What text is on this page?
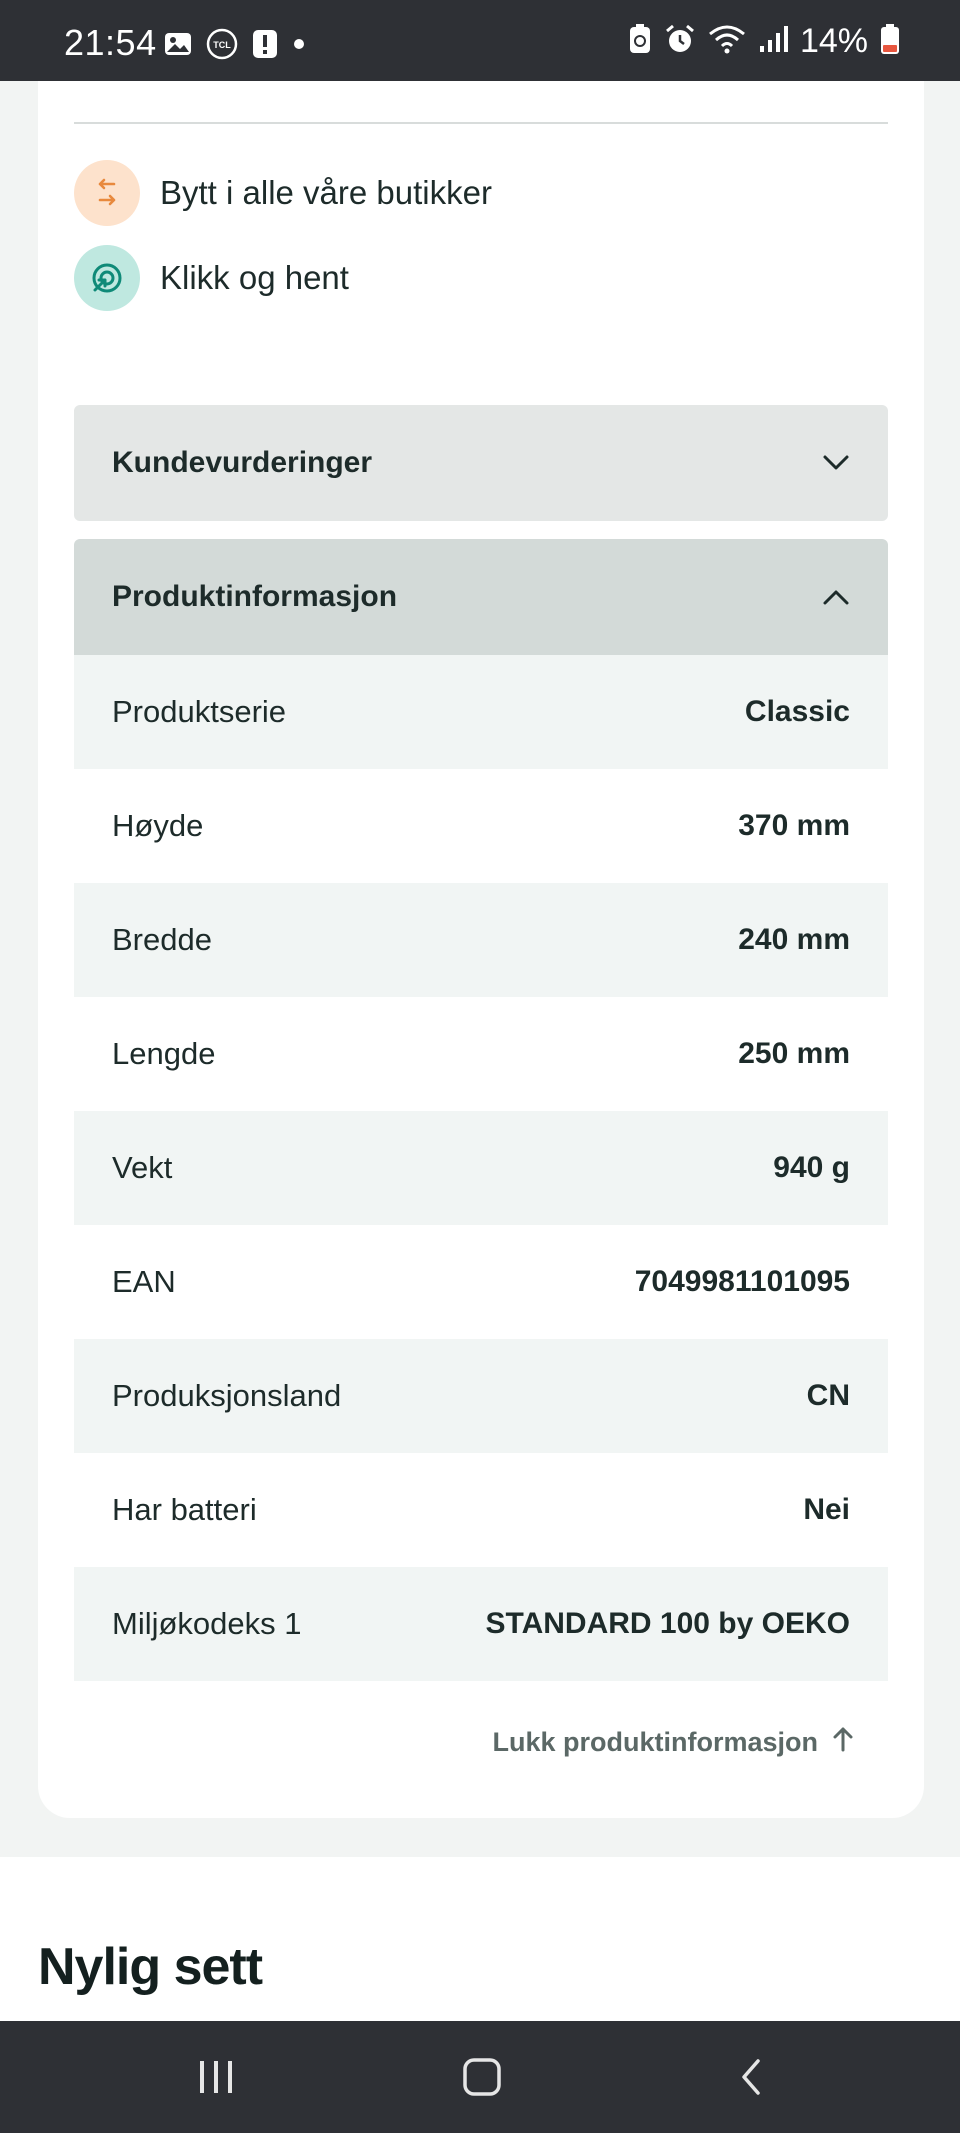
21:54	TCL	14%
Bytt i alle våre butikker
Klikk og hent
Kundevurderinger
Produktinformasjon
Produktserie	Classic
Høyde	370 mm
Bredde	240 mm
Lengde	250 mm
Vekt	940 g
EAN	7049981101095
Produksjonsland	CN
Har batteri	Nei
Miljøkodeks 1	STANDARD 100 by OEKO
Lukk produktinformasjon
Nylig sett
